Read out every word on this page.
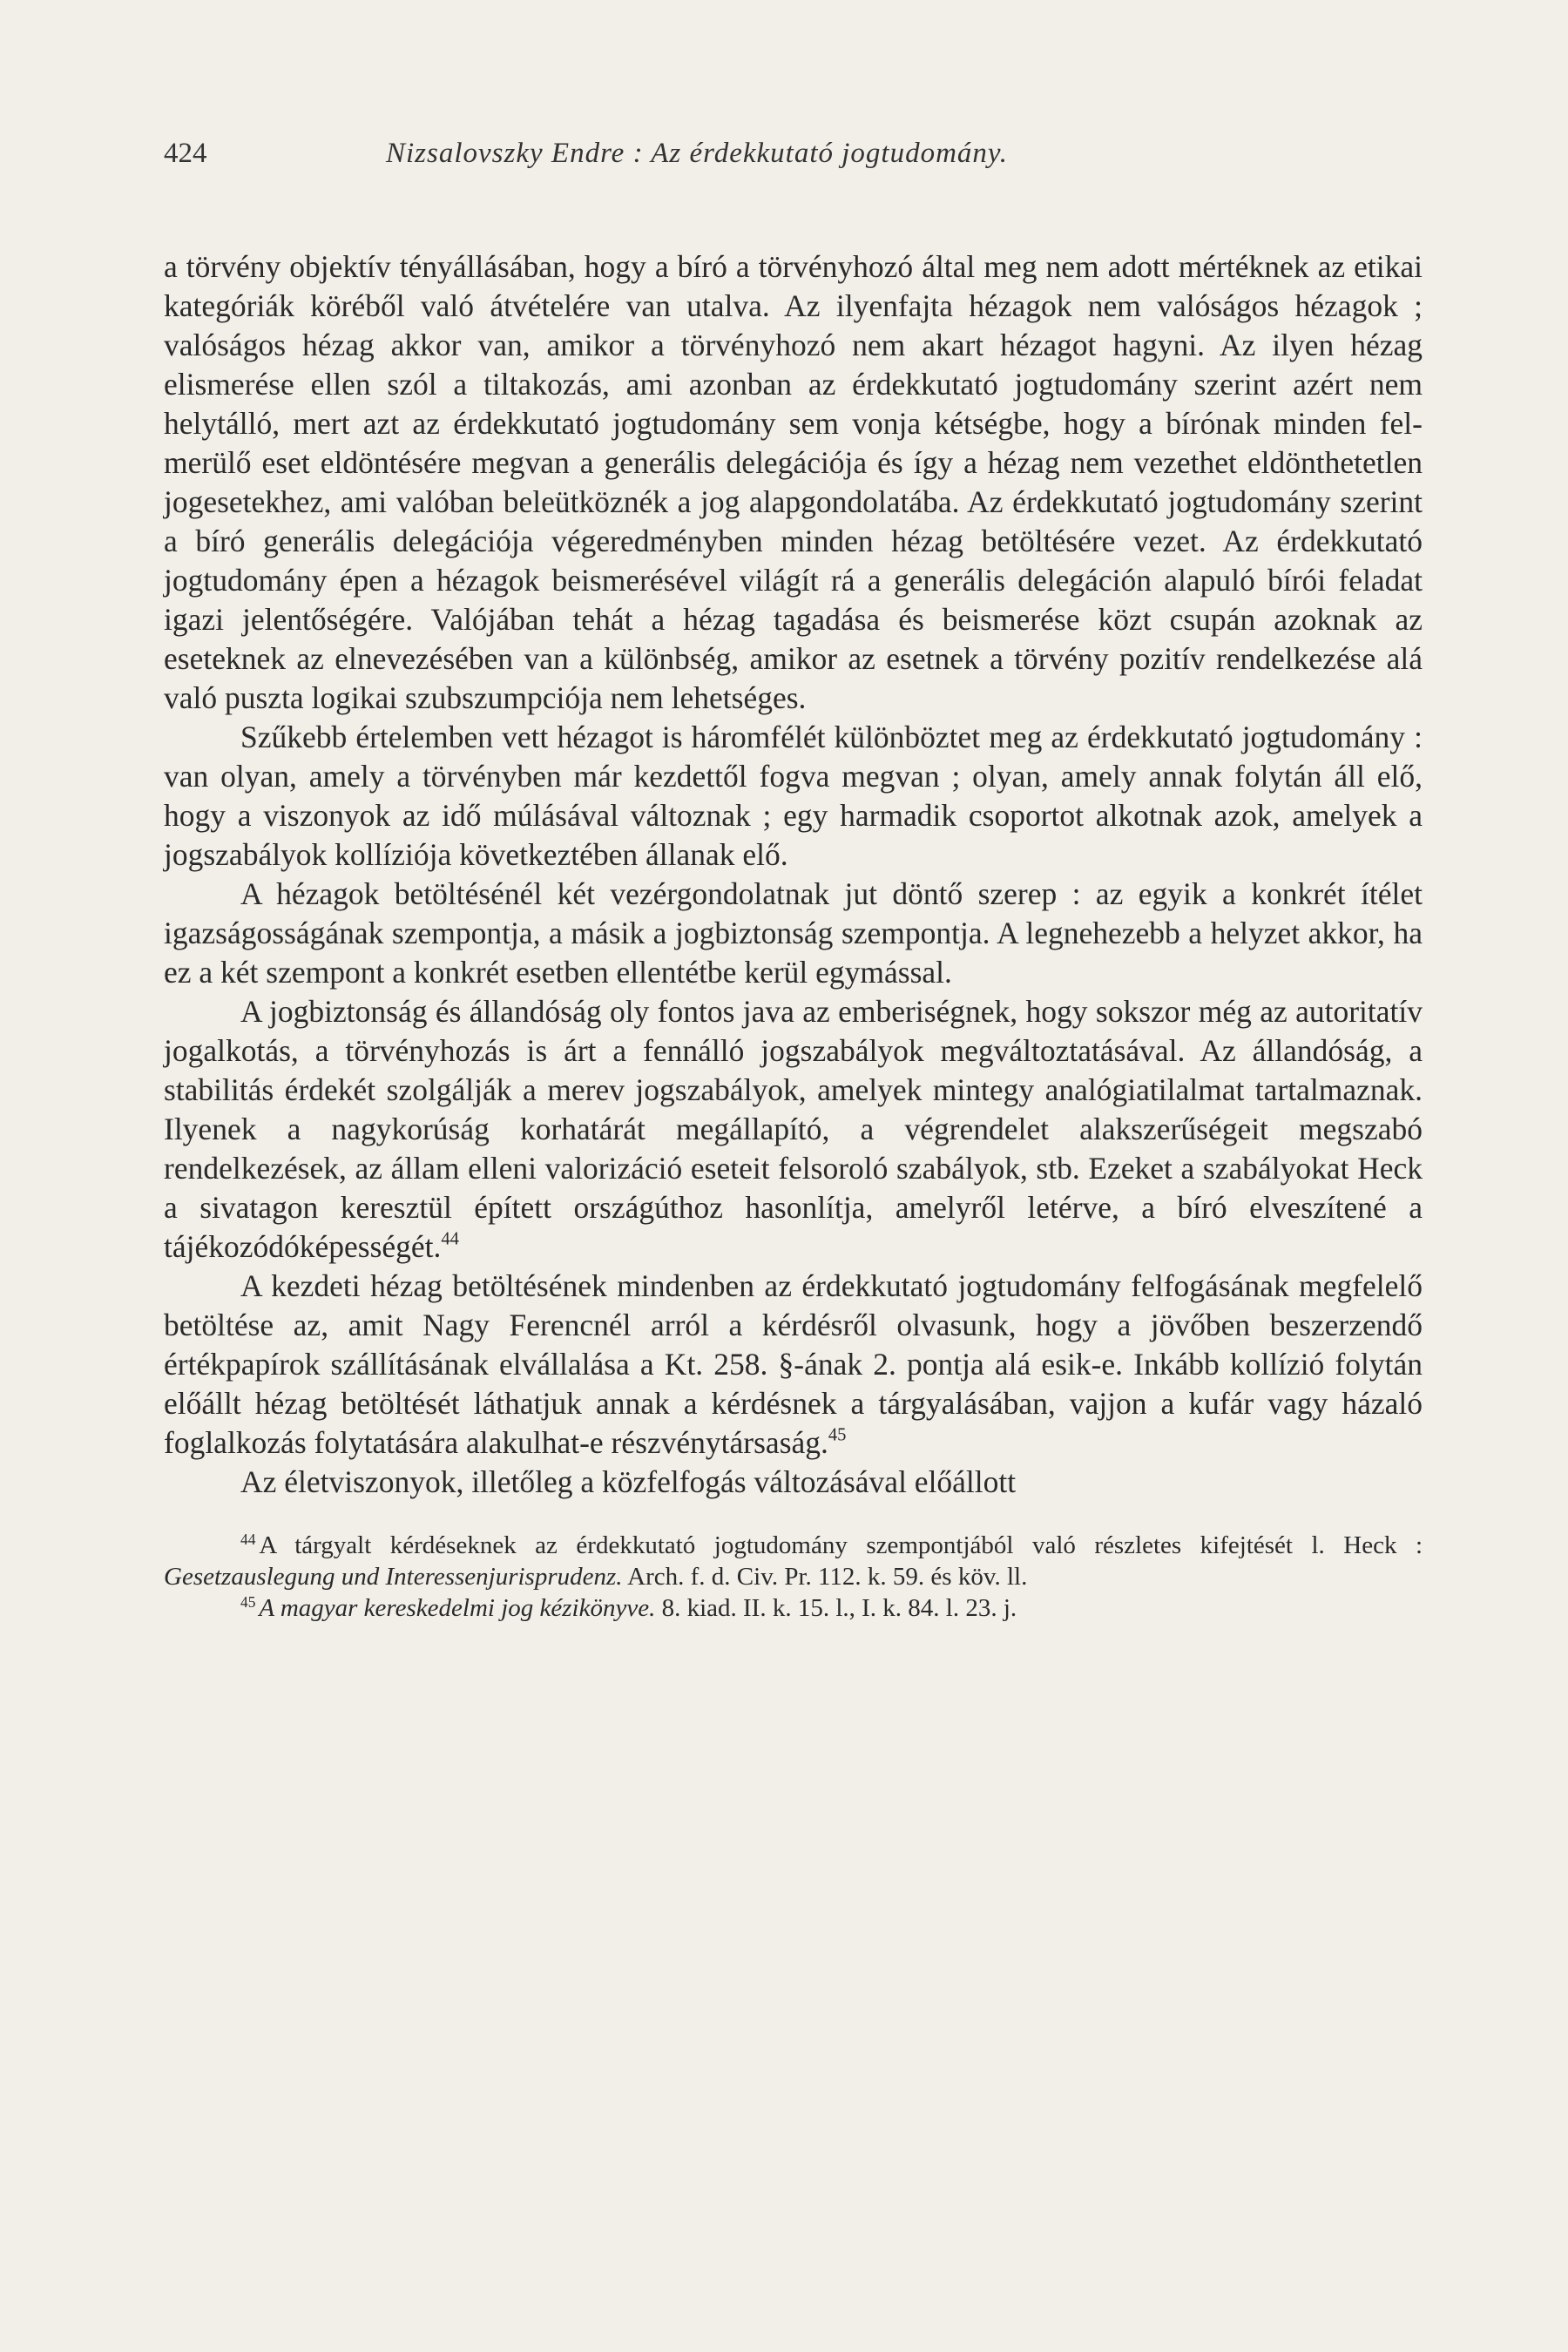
424	Nizsalovszky Endre : Az érdekkutató jogtudomány.

a törvény objektív tényállásában, hogy a bíró a törvényhozó által meg nem adott mértéknek az etikai kategóriák köréből való átvételére van utalva. Az ilyenfajta hézagok nem valóságos hézagok ; valóságos hézag akkor van, amikor a törvényhozó nem akart hézagot hagyni. Az ilyen hézag elismerése ellen szól a tiltakozás, ami azonban az érdekkutató jogtudomány szerint azért nem helytálló, mert azt az érdekkutató jogtudomány sem vonja kétségbe, hogy a bírónak minden felmerülő eset eldöntésére megvan a generális delegációja és így a hézag nem vezethet eldönthetetlen jogesetekhez, ami valóban beleütköznék a jog alapgondolatába. Az érdekkutató jogtudomány szerint a bíró generális delegációja végeredményben minden hézag betöltésére vezet. Az érdekkutató jogtudomány épen a hézagok beismerésével világít rá a generális delegáción alapuló bírói feladat igazi jelentőségére. Valójában tehát a hézag tagadása és beismerése közt csupán azoknak az eseteknek az elnevezésében van a különbség, amikor az esetnek a törvény pozitív rendelkezése alá való puszta logikai szubszumpciója nem lehetséges.

Szűkebb értelemben vett hézagot is háromfélét különböztet meg az érdekkutató jogtudomány : van olyan, amely a törvényben már kezdettől fogva megvan ; olyan, amely annak folytán áll elő, hogy a viszonyok az idő múlásával változnak ; egy harmadik csoportot alkotnak azok, amelyek a jogszabályok kollíziója következtében állanak elő.

A hézagok betöltésénél két vezérgondolatnak jut döntő szerep : az egyik a konkrét ítélet igazságosságának szempontja, a másik a jogbiztonság szempontja. A legnehezebb a helyzet akkor, ha ez a két szempont a konkrét esetben ellentétbe kerül egymással.

A jogbiztonság és állandóság oly fontos java az emberiségnek, hogy sokszor még az autoritatív jogalkotás, a törvényhozás is árt a fennálló jogszabályok megváltoztatásával. Az állandóság, a stabilitás érdekét szolgálják a merev jogszabályok, amelyek mintegy analógiatilalmat tartalmaznak. Ilyenek a nagykorúság korhatárát megállapító, a végrendelet alakszerűségeit megszabó rendelkezések, az állam elleni valorizáció eseteit felsoroló szabályok, stb. Ezeket a szabályokat Heck a sivatagon keresztül épített országúthoz hasonlítja, amelyről letérve, a bíró elveszítené a tájékozódóképességét.$^{44}$

A kezdeti hézag betöltésének mindenben az érdekkutató jogtudomány felfogásának megfelelő betöltése az, amit Nagy Ferencnél arról a kérdésről olvasunk, hogy a jövőben beszerzendő értékpapírok szállításának elvállalása a Kt. 258. §-ának 2. pontja alá esik-e. Inkább kollízió folytán előállt hézag betöltését láthatjuk annak a kérdésnek a tárgyalásában, vajjon a kufár vagy házaló foglalkozás folytatására alakulhat-e részvénytársaság.$^{45}$

Az életviszonyok, illetőleg a közfelfogás változásával előállott

$^{44}$ A tárgyalt kérdéseknek az érdekkutató jogtudomány szempontjából való részletes kifejtését l. Heck : Gesetzauslegung und Interessenjurisprudenz. Arch. f. d. Civ. Pr. 112. k. 59. és köv. ll.

$^{45}$ A magyar kereskedelmi jog kézikönyve. 8. kiad. II. k. 15. l., I. k. 84. l. 23. j.
